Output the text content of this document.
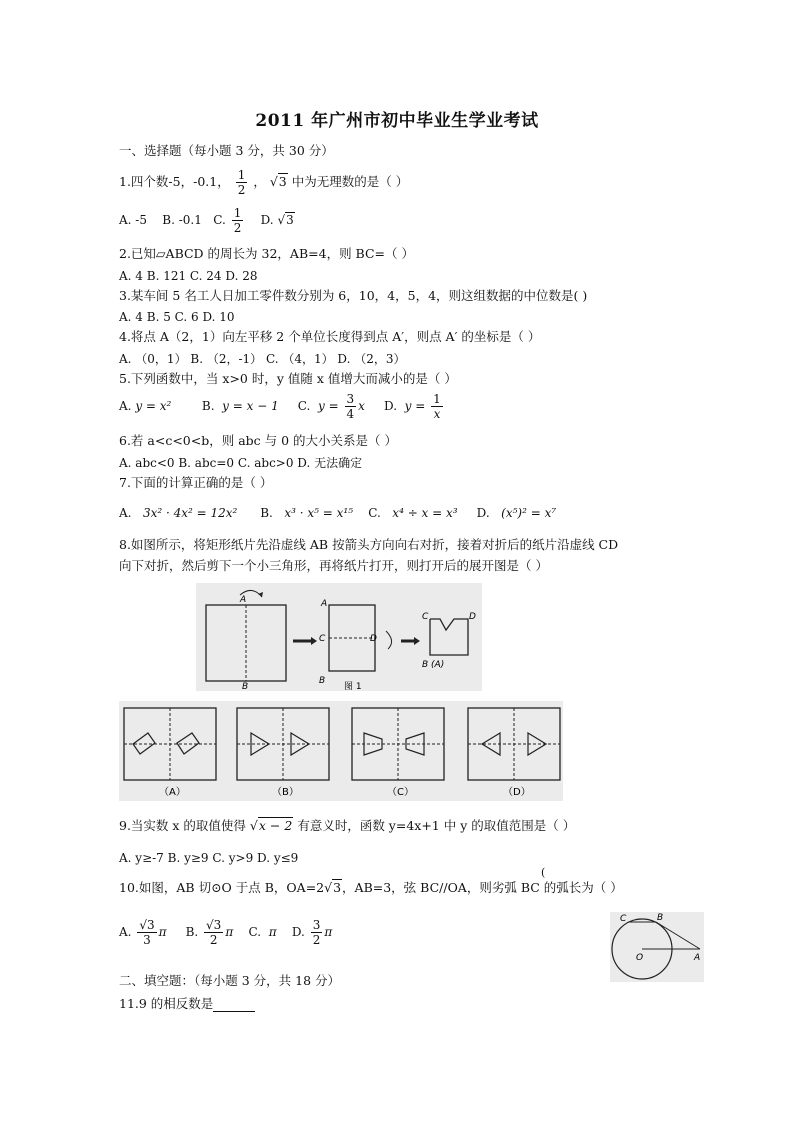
2011 年广州市初中毕业生学业考试
一、选择题（每小题 3 分，共 30 分）
1.四个数-5，-0.1， $\frac{1}{2}$ ， √3 中为无理数的是（ ）
A. -5 B. -0.1 C. $\frac{1}{2} D$. √3
2.已知▱ABCD 的周长为 32，AB=4，则 BC=（ ）
A. 4 B. 121 C. 24 D. 28
3.某车间 5 名工人日加工零件数分别为 6，10，4，5，4，则这组数据的中位数是( )
A. 4 B. 5 C. 6 D. 10
4.将点 A（2，1）向左平移 2 个单位长度得到点 A′，则点 A′ 的坐标是（ ）
A. （0，1） B. （2，-1） C. （4，1） D. （2，3）
5.下列函数中，当 x>0 时，y 值随 x 值增大而减小的是（ ）
A. y = x²	B. y = x − 1 C. $y = \frac{3}{4}$ x D. $y = \frac{1}{x}$
6.若 a<c<0<b，则 abc 与 0 的大小关系是（ ）
A. abc<0 B. abc=0 C. abc>0 D. 无法确定
7.下面的计算正确的是（ ）
A. 3x² · 4x² = 12x² B. x³ · x⁵ = x¹⁵ C. x⁴ ÷ x = x³ D. (x⁵)² = x⁷
8.如图所示，将矩形纸片先沿虚线 AB 按箭头方向向右对折，接着对折后的纸片沿虚线 CD
向下对折，然后剪下一个小三角形，再将纸片打开，则打开后的展开图是（ ）
A
B
A
C	D
B
C	D
B (A)
图 1
（A）	（B）	（C）	（D）
9.当实数 x 的取值使得 √x − 2 有意义时，函数 y=4x+1 中 y 的取值范围是（ ）
A. y≥-7 B. y≥9 C. y>9 D. y≤9
(
10.如图，AB 切⊙O 于点 B，OA=2√3，AB=3，弦 BC//OA，则劣弧 BC 的弧长为（ ）
A. $\frac{√3}{3}$ π B. $\frac{√3}{2}$ π C. π D. $\frac{3}{2}$ π
C	B
O	A
二、填空题：（每小题 3 分，共 18 分）
11.9 的相反数是
